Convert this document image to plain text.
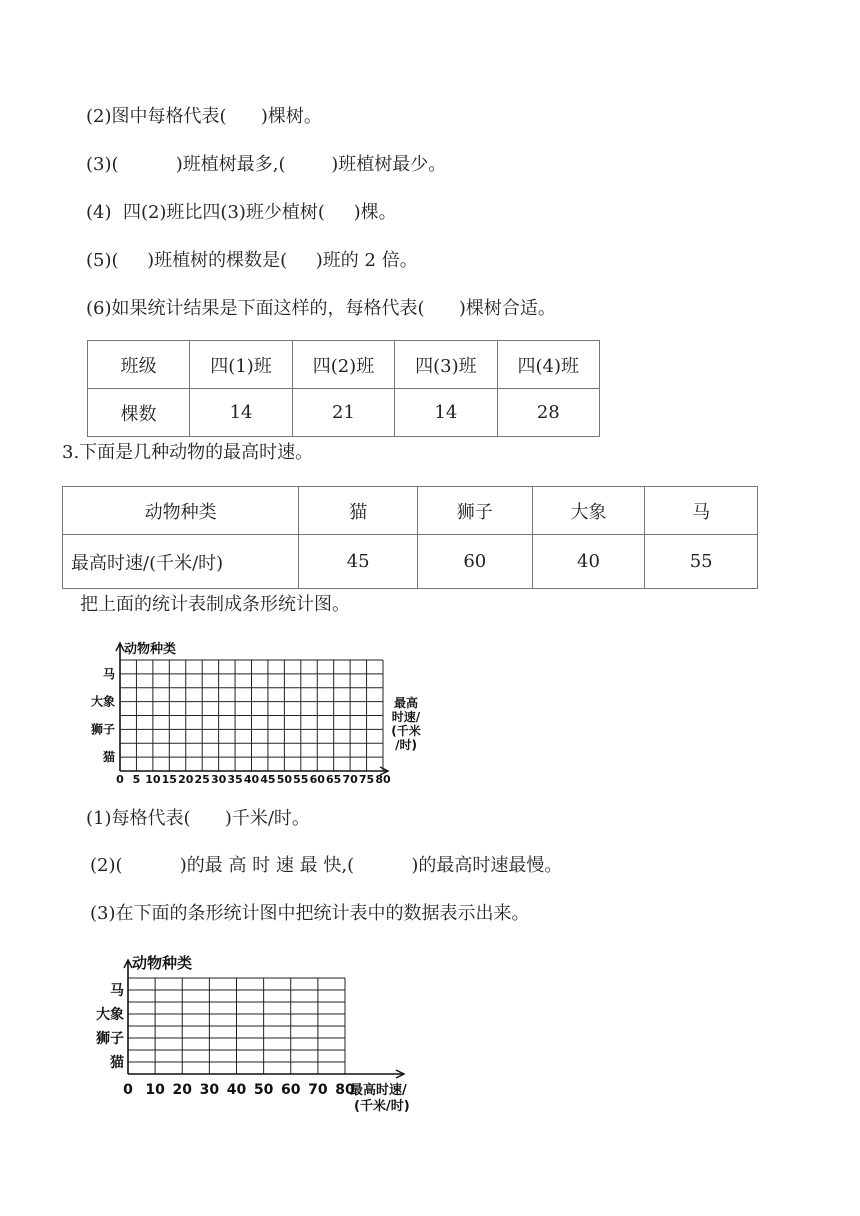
(2)图中每格代表(      )棵树。
(3)(          )班植树最多,(        )班植树最少。
(4)  四(2)班比四(3)班少植树(     )棵。
(5)(     )班植树的棵数是(     )班的 2 倍。
(6)如果统计结果是下面这样的，每格代表(      )棵树合适。
班级	四(1)班	四(2)班	四(3)班	四(4)班
棵数	14	21	14	28
3.下面是几种动物的最高时速。
动物种类	猫	狮子	大象	马
最高时速/(千米/时)	45	60	40	55
把上面的统计表制成条形统计图。
动物种类
马
大象
狮子
猫
0 5 10 15 20 25 30 35 40 45 50 55 60 65 70 75 80
最高
时速/
(千米
/时)
(1)每格代表(      )千米/时。
(2)(          )的最 高 时 速 最 快,(          )的最高时速最慢。
(3)在下面的条形统计图中把统计表中的数据表示出来。
动物种类
马
大象
狮子
猫
0 10 20 30 40 50 60 70 80
最高时速/
(千米/时)
